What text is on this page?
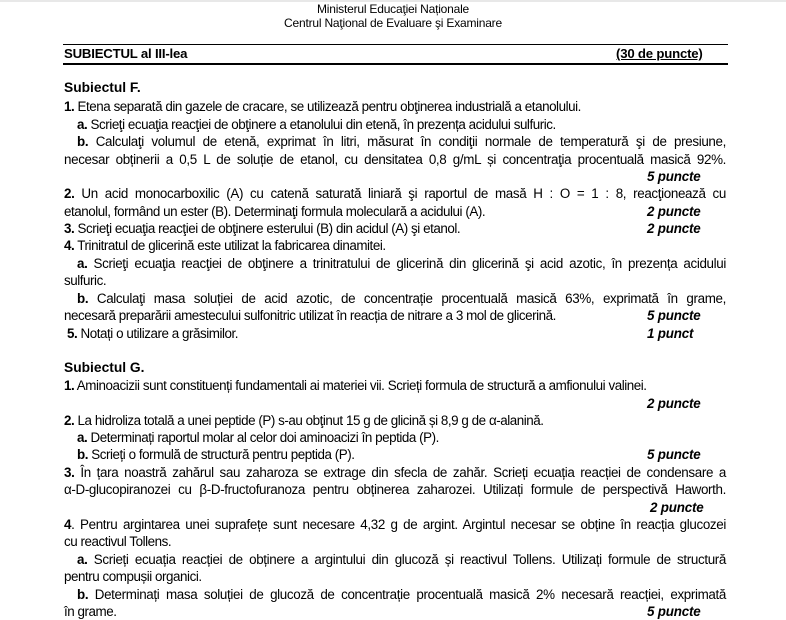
Ministerul Educaţiei Naționale
Centrul Naţional de Evaluare şi Examinare
SUBIECTUL al III-lea	(30 de puncte)
Subiectul F.
1. Etena separată din gazele de cracare, se utilizează pentru obţinerea industrială a etanolului.
a. Scrieţi ecuaţia reacţiei de obţinere a etanolului din etenă, în prezența acidului sulfuric.
b. Calculaţi volumul de etenă, exprimat în litri, măsurat în condiţii normale de temperatură şi de presiune,
necesar obținerii a 0,5 L de soluție de etanol, cu densitatea 0,8 g/mL și concentraţia procentuală masică 92%.
5 puncte
2. Un acid monocarboxilic (A) cu catenă saturată liniară şi raportul de masă H : O = 1 : 8, reacţionează cu
etanolul, formând un ester (B). Determinaţi formula moleculară a acidului (A).	2 puncte
3. Scrieţi ecuaţia reacţiei de obţinere esterului (B) din acidul (A) şi etanol.	2 puncte
4. Trinitratul de glicerină este utilizat la fabricarea dinamitei.
a. Scrieţi ecuaţia reacţiei de obţinere a trinitratului de glicerină din glicerină şi acid azotic, în prezența acidului
sulfuric.
b. Calculaţi masa soluției de acid azotic, de concentrație procentuală masică 63%, exprimată în grame,
necesară preparării amestecului sulfonitric utilizat în reacția de nitrare a 3 mol de glicerină.	5 puncte
5. Notați o utilizare a grăsimilor.	1 punct
Subiectul G.
1. Aminoacizii sunt constituenți fundamentali ai materiei vii. Scrieți formula de structură a amfionului valinei.
2 puncte
2. La hidroliza totală a unei peptide (P) s-au obţinut 15 g de glicină și 8,9 g de α-alanină.
a. Determinați raportul molar al celor doi aminoacizi în peptida (P).
b. Scrieți o formulă de structură pentru peptida (P).	5 puncte
3. În țara noastră zahărul sau zaharoza se extrage din sfecla de zahăr. Scrieți ecuația reacției de condensare a
α-D-glucopiranozei cu β-D-fructofuranoza pentru obținerea zaharozei. Utilizați formule de perspectivă Haworth.
2 puncte
4. Pentru argintarea unei suprafețe sunt necesare 4,32 g de argint. Argintul necesar se obține în reacția glucozei
cu reactivul Tollens.
a. Scrieți ecuația reacției de obținere a argintului din glucoză și reactivul Tollens. Utilizați formule de structură
pentru compușii organici.
b. Determinați masa soluției de glucoză de concentrație procentuală masică 2% necesară reacției, exprimată
în grame.	5 puncte
